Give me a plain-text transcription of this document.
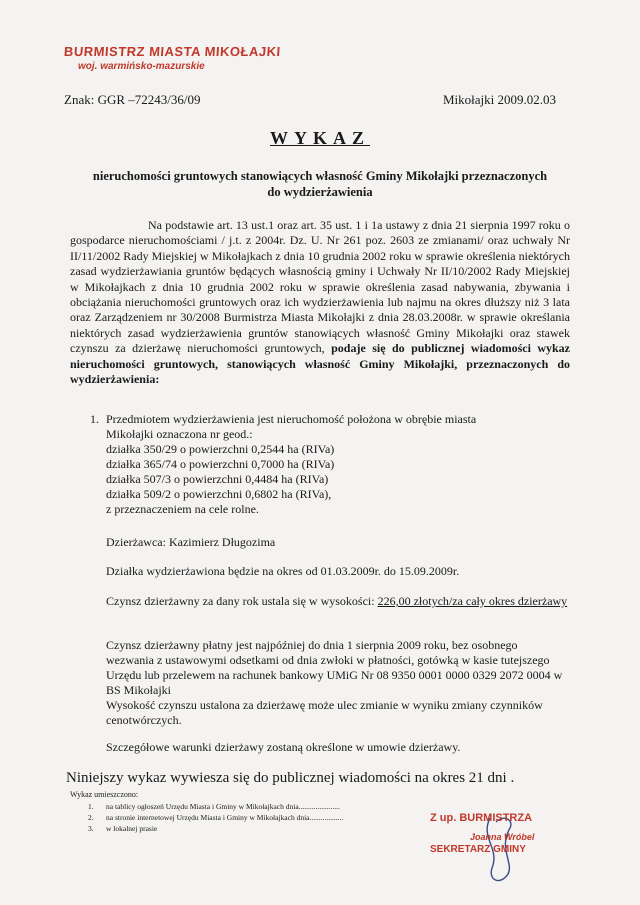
BURMISTRZ MIASTA MIKOŁAJKI
woj. warmińsko-mazurskie
Znak: GGR –72243/36/09	Mikołajki 2009.02.03
WYKAZ
nieruchomości gruntowych stanowiących własność Gminy Mikołajki przeznaczonych
do wydzierżawienia
Na podstawie art. 13 ust.1 oraz art. 35 ust. 1 i 1a ustawy z dnia 21 sierpnia 1997 roku o gospodarce nieruchomościami / j.t. z 2004r. Dz. U. Nr 261 poz. 2603 ze zmianami/ oraz uchwały Nr II/11/2002 Rady Miejskiej w Mikołajkach z dnia 10 grudnia 2002 roku w sprawie określenia niektórych zasad wydzierżawiania gruntów będących własnością gminy i Uchwały Nr II/10/2002 Rady Miejskiej w Mikołajkach z dnia 10 grudnia 2002 roku w sprawie określenia zasad nabywania, zbywania i obciążania nieruchomości gruntowych oraz ich wydzierżawienia lub najmu na okres dłuższy niż 3 lata oraz Zarządzeniem nr 30/2008 Burmistrza Miasta Mikołajki z dnia 28.03.2008r. w sprawie określania niektórych zasad wydzierżawienia gruntów stanowiących własność Gminy Mikołajki oraz stawek czynszu za dzierżawę nieruchomości gruntowych, podaje się do publicznej wiadomości wykaz nieruchomości gruntowych, stanowiących własność Gminy Mikołajki, przeznaczonych do wydzierżawienia:
1. Przedmiotem wydzierżawienia jest nieruchomość położona w obrębie miasta
Mikołajki oznaczona nr geod.:
działka 350/29 o powierzchni 0,2544 ha (RIVa)
działka 365/74 o powierzchni 0,7000 ha (RIVa)
działka 507/3 o powierzchni 0,4484 ha (RIVa)
działka 509/2 o powierzchni 0,6802 ha (RIVa),
z przeznaczeniem na cele rolne.
Dzierżawca: Kazimierz Długozima
Działka wydzierżawiona będzie na okres od 01.03.2009r. do 15.09.2009r.
Czynsz dzierżawny za dany rok ustala się w wysokości: 226,00 złotych/za cały okres dzierżawy
Czynsz dzierżawny płatny jest najpóźniej do dnia 1 sierpnia 2009 roku, bez osobnego wezwania z ustawowymi odsetkami od dnia zwłoki w płatności, gotówką w kasie tutejszego Urzędu lub przelewem na rachunek bankowy UMiG Nr 08 9350 0001 0000 0329 2072 0004 w BS Mikołajki
Wysokość czynszu ustalona za dzierżawę może ulec zmianie w wyniku zmiany czynników cenotwórczych.
Szczegółowe warunki dzierżawy zostaną określone w umowie dzierżawy.
Niniejszy wykaz wywiesza się do publicznej wiadomości na okres 21 dni .
Wykaz umieszczono:
1.	na tablicy ogłoszeń Urzędu Miasta i Gminy w Mikołajkach dnia......................
2.	na stronie internetowej Urzędu Miasta i Gminy w Mikołajkach dnia..................
3.	w lokalnej prasie
Z up. BURMISTRZA
Joanna Wróbel
SEKRETARZ GMINY
